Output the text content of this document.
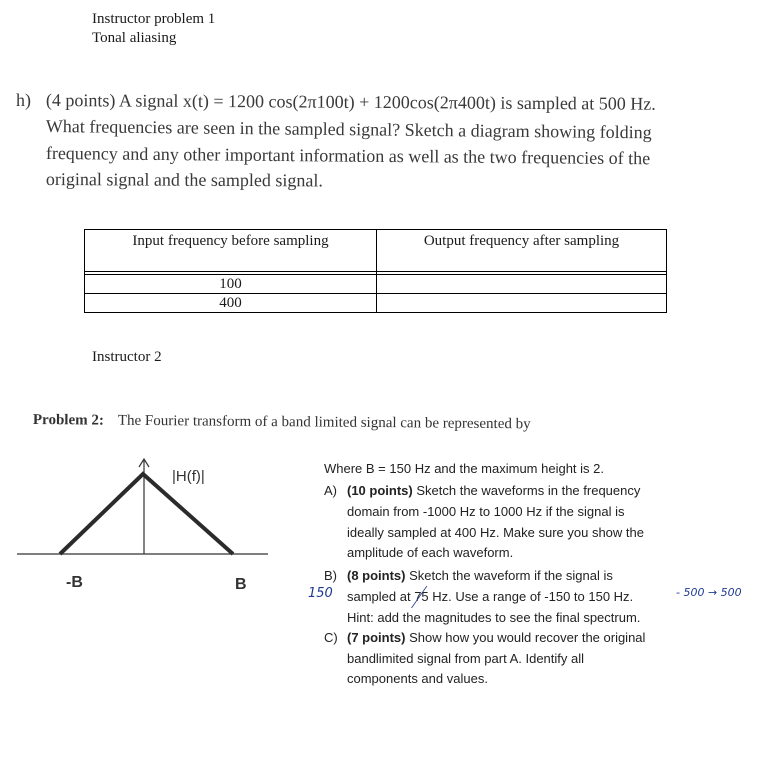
Instructor problem 1
Tonal aliasing
h) (4 points) A signal x(t) = 1200 cos(2π100t) + 1200cos(2π400t) is sampled at 500 Hz.
What frequencies are seen in the sampled signal? Sketch a diagram showing folding
frequency and any other important information as well as the two frequencies of the
original signal and the sampled signal.
Input frequency before sampling	Output frequency after sampling

100	
400	
Instructor 2
Problem 2: The Fourier transform of a band limited signal can be represented by
|H(f)|
-B	B
Where B = 150 Hz and the maximum height is 2.
A) (10 points) Sketch the waveforms in the frequency
domain from -1000 Hz to 1000 Hz if the signal is
ideally sampled at 400 Hz. Make sure you show the
amplitude of each waveform.
B) (8 points) Sketch the waveform if the signal is
sampled at 75
Hz. Use a range of -150 to 150 Hz.
Hint: add the magnitudes to see the final spectrum.
C) (7 points) Show how you would recover the original
bandlimited signal from part A. Identify all
components and values.
150	- 500 → 500
